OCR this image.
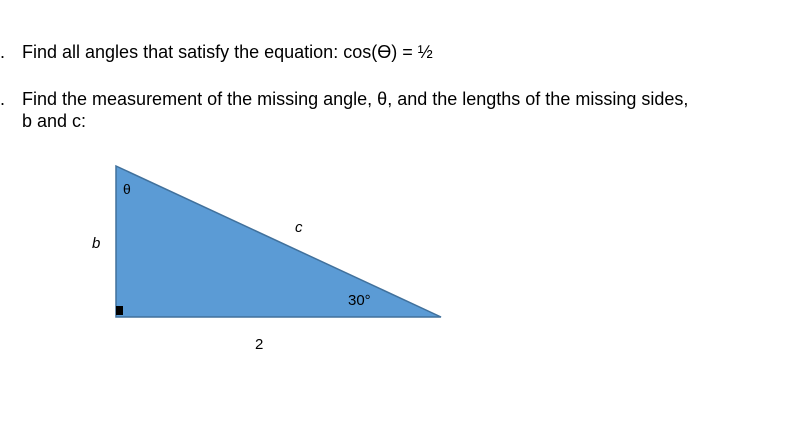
. Find all angles that satisfy the equation: cos(ϴ) = ½
. Find the measurement of the missing angle, θ, and the lengths of the missing sides,
b and c:
θ
b
c
30°
2
